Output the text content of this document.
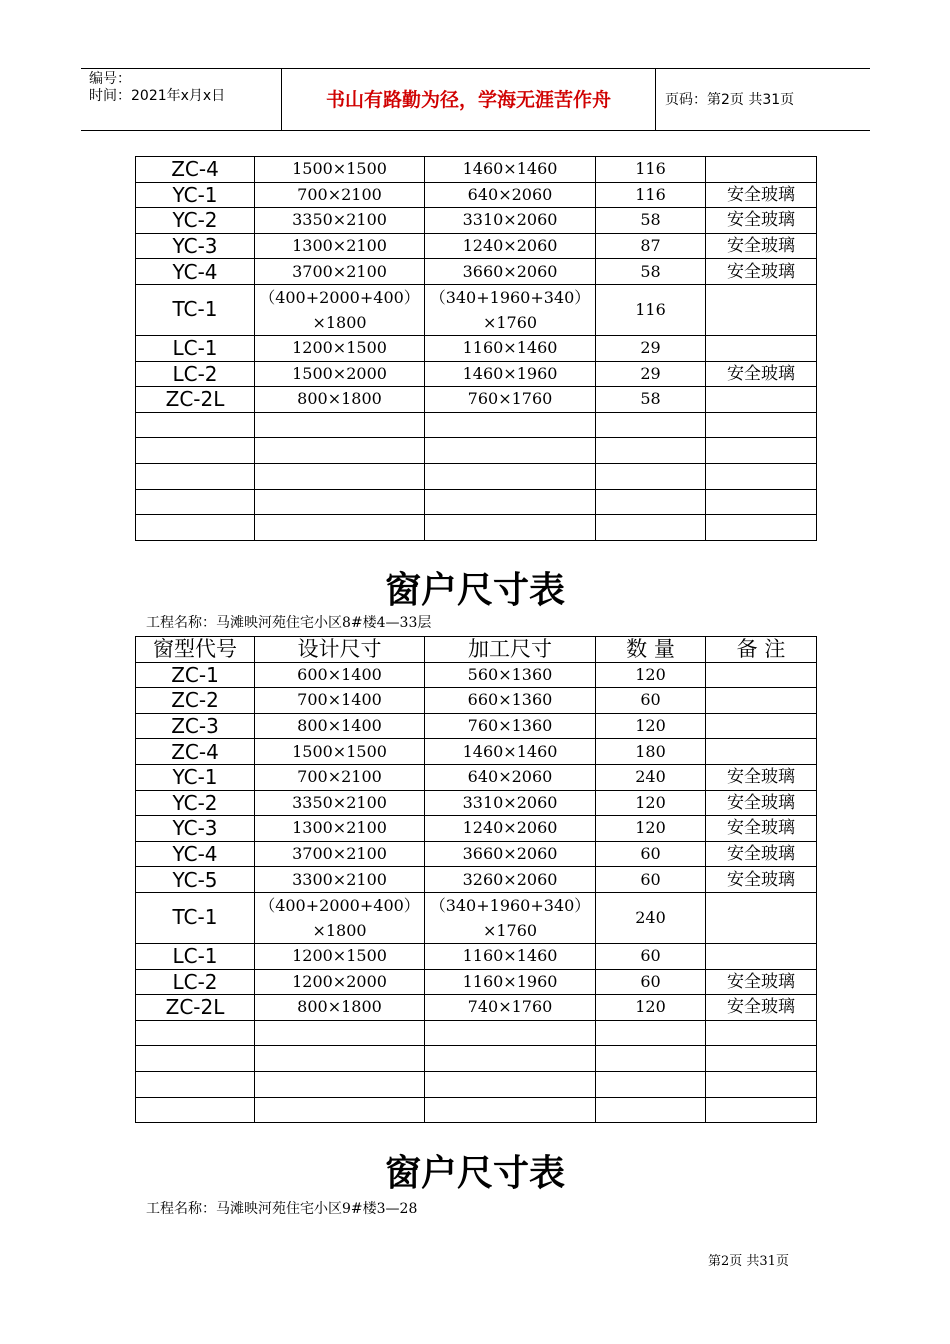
编号：
时间：2021年x月x日	书山有路勤为径，学海无涯苦作舟	页码：第2页 共31页
ZC-4	1500×1500	1460×1460	116	
YC-1	700×2100	640×2060	116	安全玻璃
YC-2	3350×2100	3310×2060	58	安全玻璃
YC-3	1300×2100	1240×2060	87	安全玻璃
YC-4	3700×2100	3660×2060	58	安全玻璃
TC-1	（400+2000+400）×1800	（340+1960+340）×1760	116	
LC-1	1200×1500	1160×1460	29	
LC-2	1500×2000	1460×1960	29	安全玻璃
ZC-2L	800×1800	760×1760	58	

窗户尺寸表
工程名称：马滩映河苑住宅小区8#楼4—33层
窗型代号	设计尺寸	加工尺寸	数 量	备 注
ZC-1	600×1400	560×1360	120	
ZC-2	700×1400	660×1360	60	
ZC-3	800×1400	760×1360	120	
ZC-4	1500×1500	1460×1460	180	
YC-1	700×2100	640×2060	240	安全玻璃
YC-2	3350×2100	3310×2060	120	安全玻璃
YC-3	1300×2100	1240×2060	120	安全玻璃
YC-4	3700×2100	3660×2060	60	安全玻璃
YC-5	3300×2100	3260×2060	60	安全玻璃
TC-1	（400+2000+400）×1800	（340+1960+340）×1760	240	
LC-1	1200×1500	1160×1460	60	
LC-2	1200×2000	1160×1960	60	安全玻璃
ZC-2L	800×1800	740×1760	120	安全玻璃

窗户尺寸表
工程名称：马滩映河苑住宅小区9#楼3—28
第2页 共31页
